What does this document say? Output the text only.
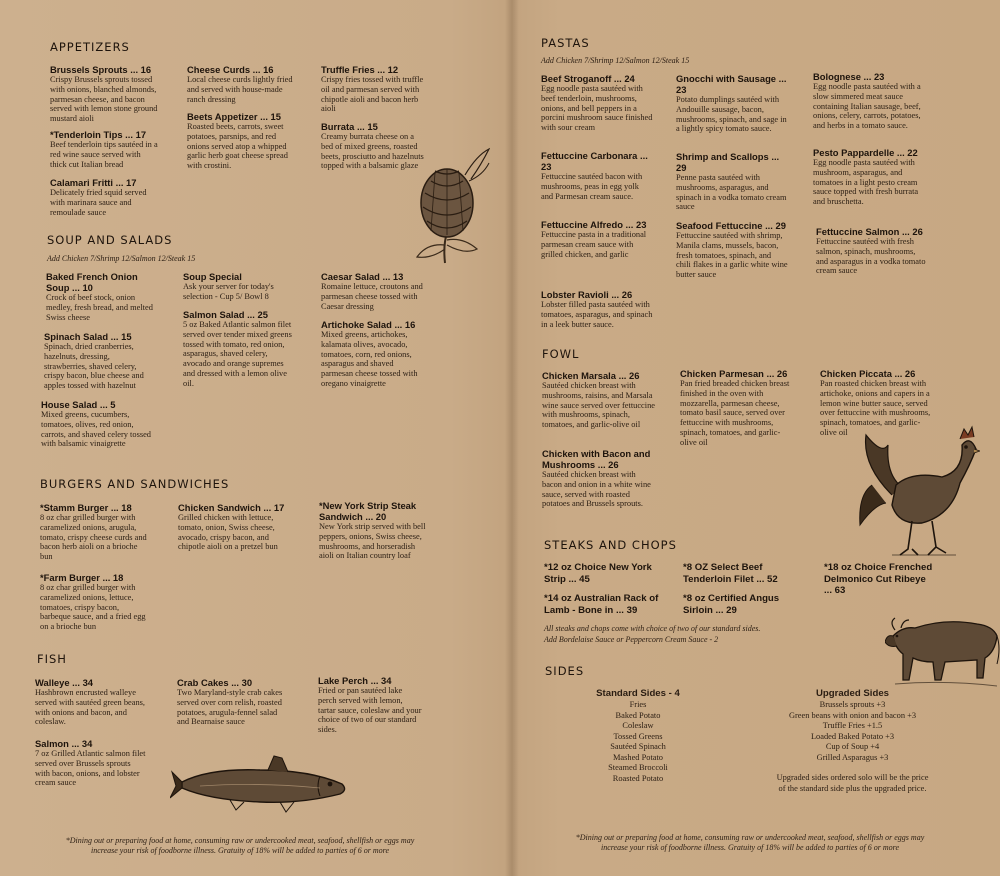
APPETIZERS
Brussels Sprouts ... 16
Crispy Brussels sprouts tossed with onions, blanched almonds, parmesan cheese, and bacon served with lemon stone ground mustard aioli
*Tenderloin Tips ... 17
Beef tenderloin tips sautéed in a red wine sauce served with thick cut Italian bread
Calamari Fritti ... 17
Delicately fried squid served with marinara sauce and remoulade sauce
Cheese Curds ... 16
Local cheese curds lightly fried and served with house-made ranch dressing
Beets Appetizer ... 15
Roasted beets, carrots, sweet potatoes, parsnips, and red onions served atop a whipped garlic herb goat cheese spread with crostini.
Truffle Fries ... 12
Crispy fries tossed with truffle oil and parmesan served with chipotle aioli and bacon herb aioli
Burrata ... 15
Creamy burrata cheese on a bed of mixed greens, roasted beets, prosciutto and hazelnuts topped with a balsamic glaze
SOUP AND SALADS
Add Chicken 7/Shrimp 12/Salmon 12/Steak 15
Baked French Onion Soup ... 10
Crock of beef stock, onion medley, fresh bread, and melted Swiss cheese
Spinach Salad ... 15
Spinach, dried cranberries, hazelnuts, dressing, strawberries, shaved celery, crispy bacon, blue cheese and apples tossed with hazelnut
House Salad ... 5
Mixed greens, cucumbers, tomatoes, olives, red onion, carrots, and shaved celery tossed with balsamic vinaigrette
Soup Special
Ask your server for today's selection - Cup 5/ Bowl 8
Salmon Salad ... 25
5 oz Baked Atlantic salmon filet served over tender mixed greens tossed with tomato, red onion, asparagus, shaved celery, avocado and orange supremes and dressed with a lemon olive oil.
Caesar Salad ... 13
Romaine lettuce, croutons and parmesan cheese tossed with Caesar dressing
Artichoke Salad ... 16
Mixed greens, artichokes, kalamata olives, avocado, tomatoes, corn, red onions, asparagus and shaved parmesan cheese tossed with oregano vinaigrette
BURGERS AND SANDWICHES
*Stamm Burger ... 18
8 oz char grilled burger with caramelized onions, arugula, tomato, crispy cheese curds and bacon herb aioli on a brioche bun
*Farm Burger ... 18
8 oz char grilled burger with caramelized onions, lettuce, tomatoes, crispy bacon, barbeque sauce, and a fried egg on a brioche bun
Chicken Sandwich ... 17
Grilled chicken with lettuce, tomato, onion, Swiss cheese, avocado, crispy bacon, and chipotle aioli on a pretzel bun
*New York Strip Steak Sandwich ... 20
New York strip served with bell peppers, onions, Swiss cheese, mushrooms, and horseradish aioli on Italian country loaf
FISH
Walleye ... 34
Hashbrown encrusted walleye served with sautéed green beans, with onions and bacon, and coleslaw.
Salmon ... 34
7 oz Grilled Atlantic salmon filet served over Brussels sprouts with bacon, onions, and lobster cream sauce
Crab Cakes ... 30
Two Maryland-style crab cakes served over corn relish, roasted potatoes, arugula-fennel salad and Bearnaise sauce
Lake Perch ... 34
Fried or pan sautéed lake perch served with lemon, tartar sauce, coleslaw and your choice of two of our standard sides.
*Dining out or preparing food at home, consuming raw or undercooked meat, seafood, shellfish or eggs may
increase your risk of foodborne illness. Gratuity of 18% will be added to parties of 6 or more
PASTAS
Add Chicken 7/Shrimp 12/Salmon 12/Steak 15
Beef Stroganoff ... 24
Egg noodle pasta sautéed with beef tenderloin, mushrooms, onions, and bell peppers in a porcini mushroom sauce finished with sour cream
Fettuccine Carbonara ... 23
Fettuccine sautéed bacon with mushrooms, peas in egg yolk and Parmesan cream sauce.
Fettuccine Alfredo ... 23
Fettuccine pasta in a traditional parmesan cream sauce with grilled chicken, and garlic
Lobster Ravioli ... 26
Lobster filled pasta sautéed with tomatoes, asparagus, and spinach in a leek butter sauce.
Gnocchi with Sausage ... 23
Potato dumplings sautéed with Andouille sausage, bacon, mushrooms, spinach, and sage in a lightly spicy tomato sauce.
Shrimp and Scallops ... 29
Penne pasta sautéed with mushrooms, asparagus, and spinach in a vodka tomato cream sauce
Seafood Fettuccine ... 29
Fettuccine sautéed with shrimp, Manila clams, mussels, bacon, fresh tomatoes, spinach, and chili flakes in a garlic white wine butter sauce
Bolognese ... 23
Egg noodle pasta sautéed with a slow simmered meat sauce containing Italian sausage, beef, onions, celery, carrots, potatoes, and herbs in a tomato sauce.
Pesto Pappardelle ... 22
Egg noodle pasta sautéed with mushroom, asparagus, and tomatoes in a light pesto cream sauce topped with fresh burrata and bruschetta.
Fettuccine Salmon ... 26
Fettuccine sautéed with fresh salmon, spinach, mushrooms, and asparagus in a vodka tomato cream sauce
FOWL
Chicken Marsala ... 26
Sautéed chicken breast with mushrooms, raisins, and Marsala wine sauce served over fettuccine with mushrooms, spinach, tomatoes, and garlic-olive oil
Chicken with Bacon and Mushrooms ... 26
Sautéed chicken breast with bacon and onion in a white wine sauce, served with roasted potatoes and Brussels sprouts.
Chicken Parmesan ... 26
Pan fried breaded chicken breast finished in the oven with mozzarella, parmesan cheese, tomato basil sauce, served over fettuccine with mushrooms, spinach, tomatoes, and garlic-olive oil
Chicken Piccata ... 26
Pan roasted chicken breast with artichoke, onions and capers in a lemon wine butter sauce, served over fettuccine with mushrooms, spinach, tomatoes, and garlic-olive oil
STEAKS AND CHOPS
*12 oz Choice New York Strip ... 45
*14 oz Australian Rack of Lamb - Bone in ... 39
*8 OZ Select Beef Tenderloin Filet ... 52
*8 oz Certified Angus Sirloin ... 29
*18 oz Choice Frenched Delmonico Cut Ribeye ... 63
All steaks and chops come with choice of two of our standard sides.
Add Bordelaise Sauce or Peppercorn Cream Sauce - 2
SIDES
Standard Sides - 4
Fries
Baked Potato
Coleslaw
Tossed Greens
Sautéed Spinach
Mashed Potato
Steamed Broccoli
Roasted Potato
Upgraded Sides
Brussels sprouts +3
Green beans with onion and bacon +3
Truffle Fries +1.5
Loaded Baked Potato +3
Cup of Soup +4
Grilled Asparagus +3
Upgraded sides ordered solo will be the price
of the standard side plus the upgraded price.
*Dining out or preparing food at home, consuming raw or undercooked meat, seafood, shellfish or eggs may
increase your risk of foodborne illness. Gratuity of 18% will be added to parties of 6 or more
